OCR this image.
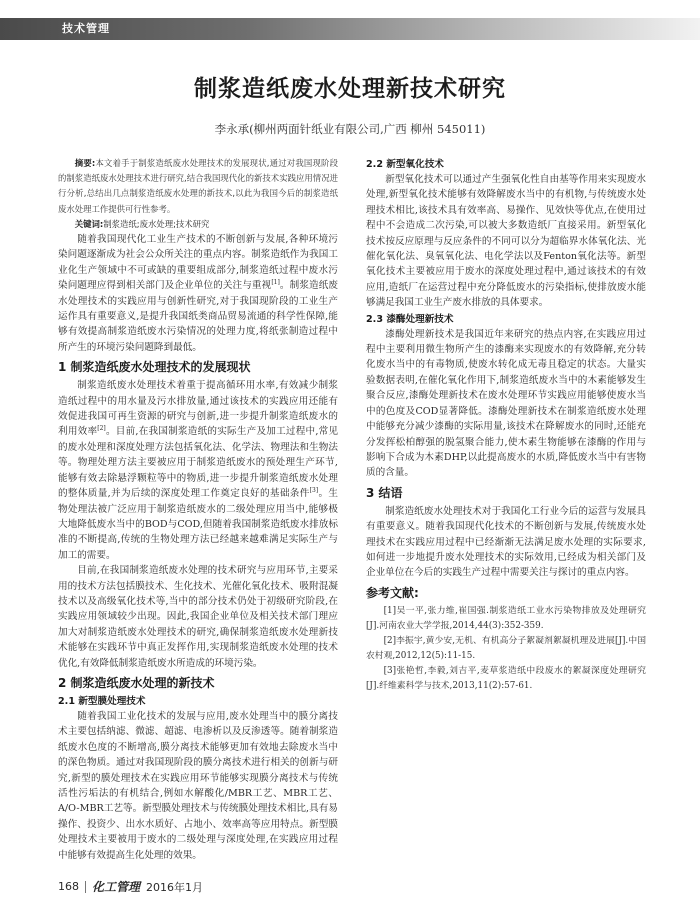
技术管理
制浆造纸废水处理新技术研究
李永承(柳州两面针纸业有限公司,广西 柳州 545011)

摘要:本文着手于制浆造纸废水处理技术的发展现状,通过对我国现阶段的制浆造纸废水处理技术进行研究,结合我国现代化的新技术实践应用情况进行分析,总结出几点制浆造纸废水处理的新技术,以此为我国今后的制浆造纸废水处理工作提供可行性参考。

关键词:制浆造纸;废水处理;技术研究

随着我国现代化工业生产技术的不断创新与发展,各种环境污染问题逐渐成为社会公众所关注的重点内容。制浆造纸作为我国工业化生产领域中不可或缺的重要组成部分,制浆造纸过程中废水污染问题理应得到相关部门及企业单位的关注与重视[1]。制浆造纸废水处理技术的实践应用与创新性研究,对于我国现阶段的工业生产运作具有重要意义,是提升我国纸类商品贸易流通的科学性保障,能够有效提高制浆造纸废水污染情况的处理力度,将纸张制造过程中所产生的环境污染问题降到最低。

1 制浆造纸废水处理技术的发展现状

制浆造纸废水处理技术着重于提高循环用水率,有效减少制浆造纸过程中的用水量及污水排放量,通过该技术的实践应用还能有效促进我国可再生资源的研究与创新,进一步提升制浆造纸废水的利用效率[2]。目前,在我国制浆造纸的实际生产及加工过程中,常见的废水处理和深度处理方法包括氧化法、化学法、物理法和生物法等。物理处理方法主要被应用于制浆造纸废水的预处理生产环节,能够有效去除悬浮颗粒等中的物质,进一步提升制浆造纸废水处理的整体质量,并为后续的深度处理工作奠定良好的基础条件[3]。生物处理法被广泛应用于制浆造纸废水的二级处理应用当中,能够极大地降低废水当中的BOD与COD,但随着我国制浆造纸废水排放标准的不断提高,传统的生物处理方法已经越来越难满足实际生产与加工的需要。

目前,在我国制浆造纸废水处理的技术研究与应用环节,主要采用的技术方法包括膜技术、生化技术、光催化氧化技术、吸附混凝技术以及高级氧化技术等,当中的部分技术仍处于初级研究阶段,在实践应用领域较少出现。因此,我国企业单位及相关技术部门理应加大对制浆造纸废水处理技术的研究,确保制浆造纸废水处理新技术能够在实践环节中真正发挥作用,实现制浆造纸废水处理的技术优化,有效降低制浆造纸废水所造成的环境污染。

2 制浆造纸废水处理的新技术
2.1 新型膜处理技术

随着我国工业化技术的发展与应用,废水处理当中的膜分离技术主要包括纳滤、微滤、超滤、电渗析以及反渗透等。随着制浆造纸废水色度的不断增高,膜分离技术能够更加有效地去除废水当中的深色物质。通过对我国现阶段的膜分离技术进行相关的创新与研究,新型的膜处理技术在实践应用环节能够实现膜分离技术与传统活性污垢法的有机结合,例如水解酸化/MBR工艺、MBR工艺、A/O-MBR工艺等。新型膜处理技术与传统膜处理技术相比,具有易操作、投资少、出水水质好、占地小、效率高等应用特点。新型膜处理技术主要被用于废水的二级处理与深度处理,在实践应用过程中能够有效提高生化处理的效果。

2.2 新型氧化技术

新型氧化技术可以通过产生强氧化性自由基等作用来实现废水处理,新型氧化技术能够有效降解废水当中的有机物,与传统废水处理技术相比,该技术具有效率高、易操作、见效快等优点,在使用过程中不会造成二次污染,可以被大多数造纸厂直接采用。新型氧化技术按反应原理与反应条件的不同可以分为超临界水体氧化法、光催化氧化法、臭氧氧化法、电化学法以及Fenton氧化法等。新型氧化技术主要被应用于废水的深度处理过程中,通过该技术的有效应用,造纸厂在运营过程中充分降低废水的污染指标,使排放废水能够满足我国工业生产废水排放的具体要求。

2.3 漆酶处理新技术

漆酶处理新技术是我国近年来研究的热点内容,在实践应用过程中主要利用微生物所产生的漆酶来实现废水的有效降解,充分转化废水当中的有毒物质,使废水转化成无毒且稳定的状态。大量实验数据表明,在催化氧化作用下,制浆造纸废水当中的木素能够发生聚合反应,漆酶处理新技术在废水处理环节实践应用能够使废水当中的色度及COD显著降低。漆酶处理新技术在制浆造纸废水处理中能够充分减少漆酶的实际用量,该技术在降解废水的同时,还能充分发挥松柏醇强的脱氢聚合能力,使木素生物能够在漆酶的作用与影响下合成为木素DHP,以此提高废水的水质,降低废水当中有害物质的含量。

3 结语

制浆造纸废水处理技术对于我国化工行业今后的运营与发展具有重要意义。随着我国现代化技术的不断创新与发展,传统废水处理技术在实践应用过程中已经渐渐无法满足废水处理的实际要求,如何进一步地提升废水处理技术的实际效用,已经成为相关部门及企业单位在今后的实践生产过程中需要关注与探讨的重点内容。

参考文献:

[1]吴一平,张力维,崔国强.制浆造纸工业水污染物排放及处理研究[J].河南农业大学学报,2014,44(3):352-359.

[2]李振宇,黄少安,无机、有机高分子絮凝剂絮凝机理及进展[J].中国农村观,2012,12(5):11-15.

[3]张艳哲,李毅,刘吉平,麦草浆造纸中段废水的絮凝深度处理研究[J].纤维素科学与技术,2013,11(2):57-61.

168 化工管理 2016年1月
